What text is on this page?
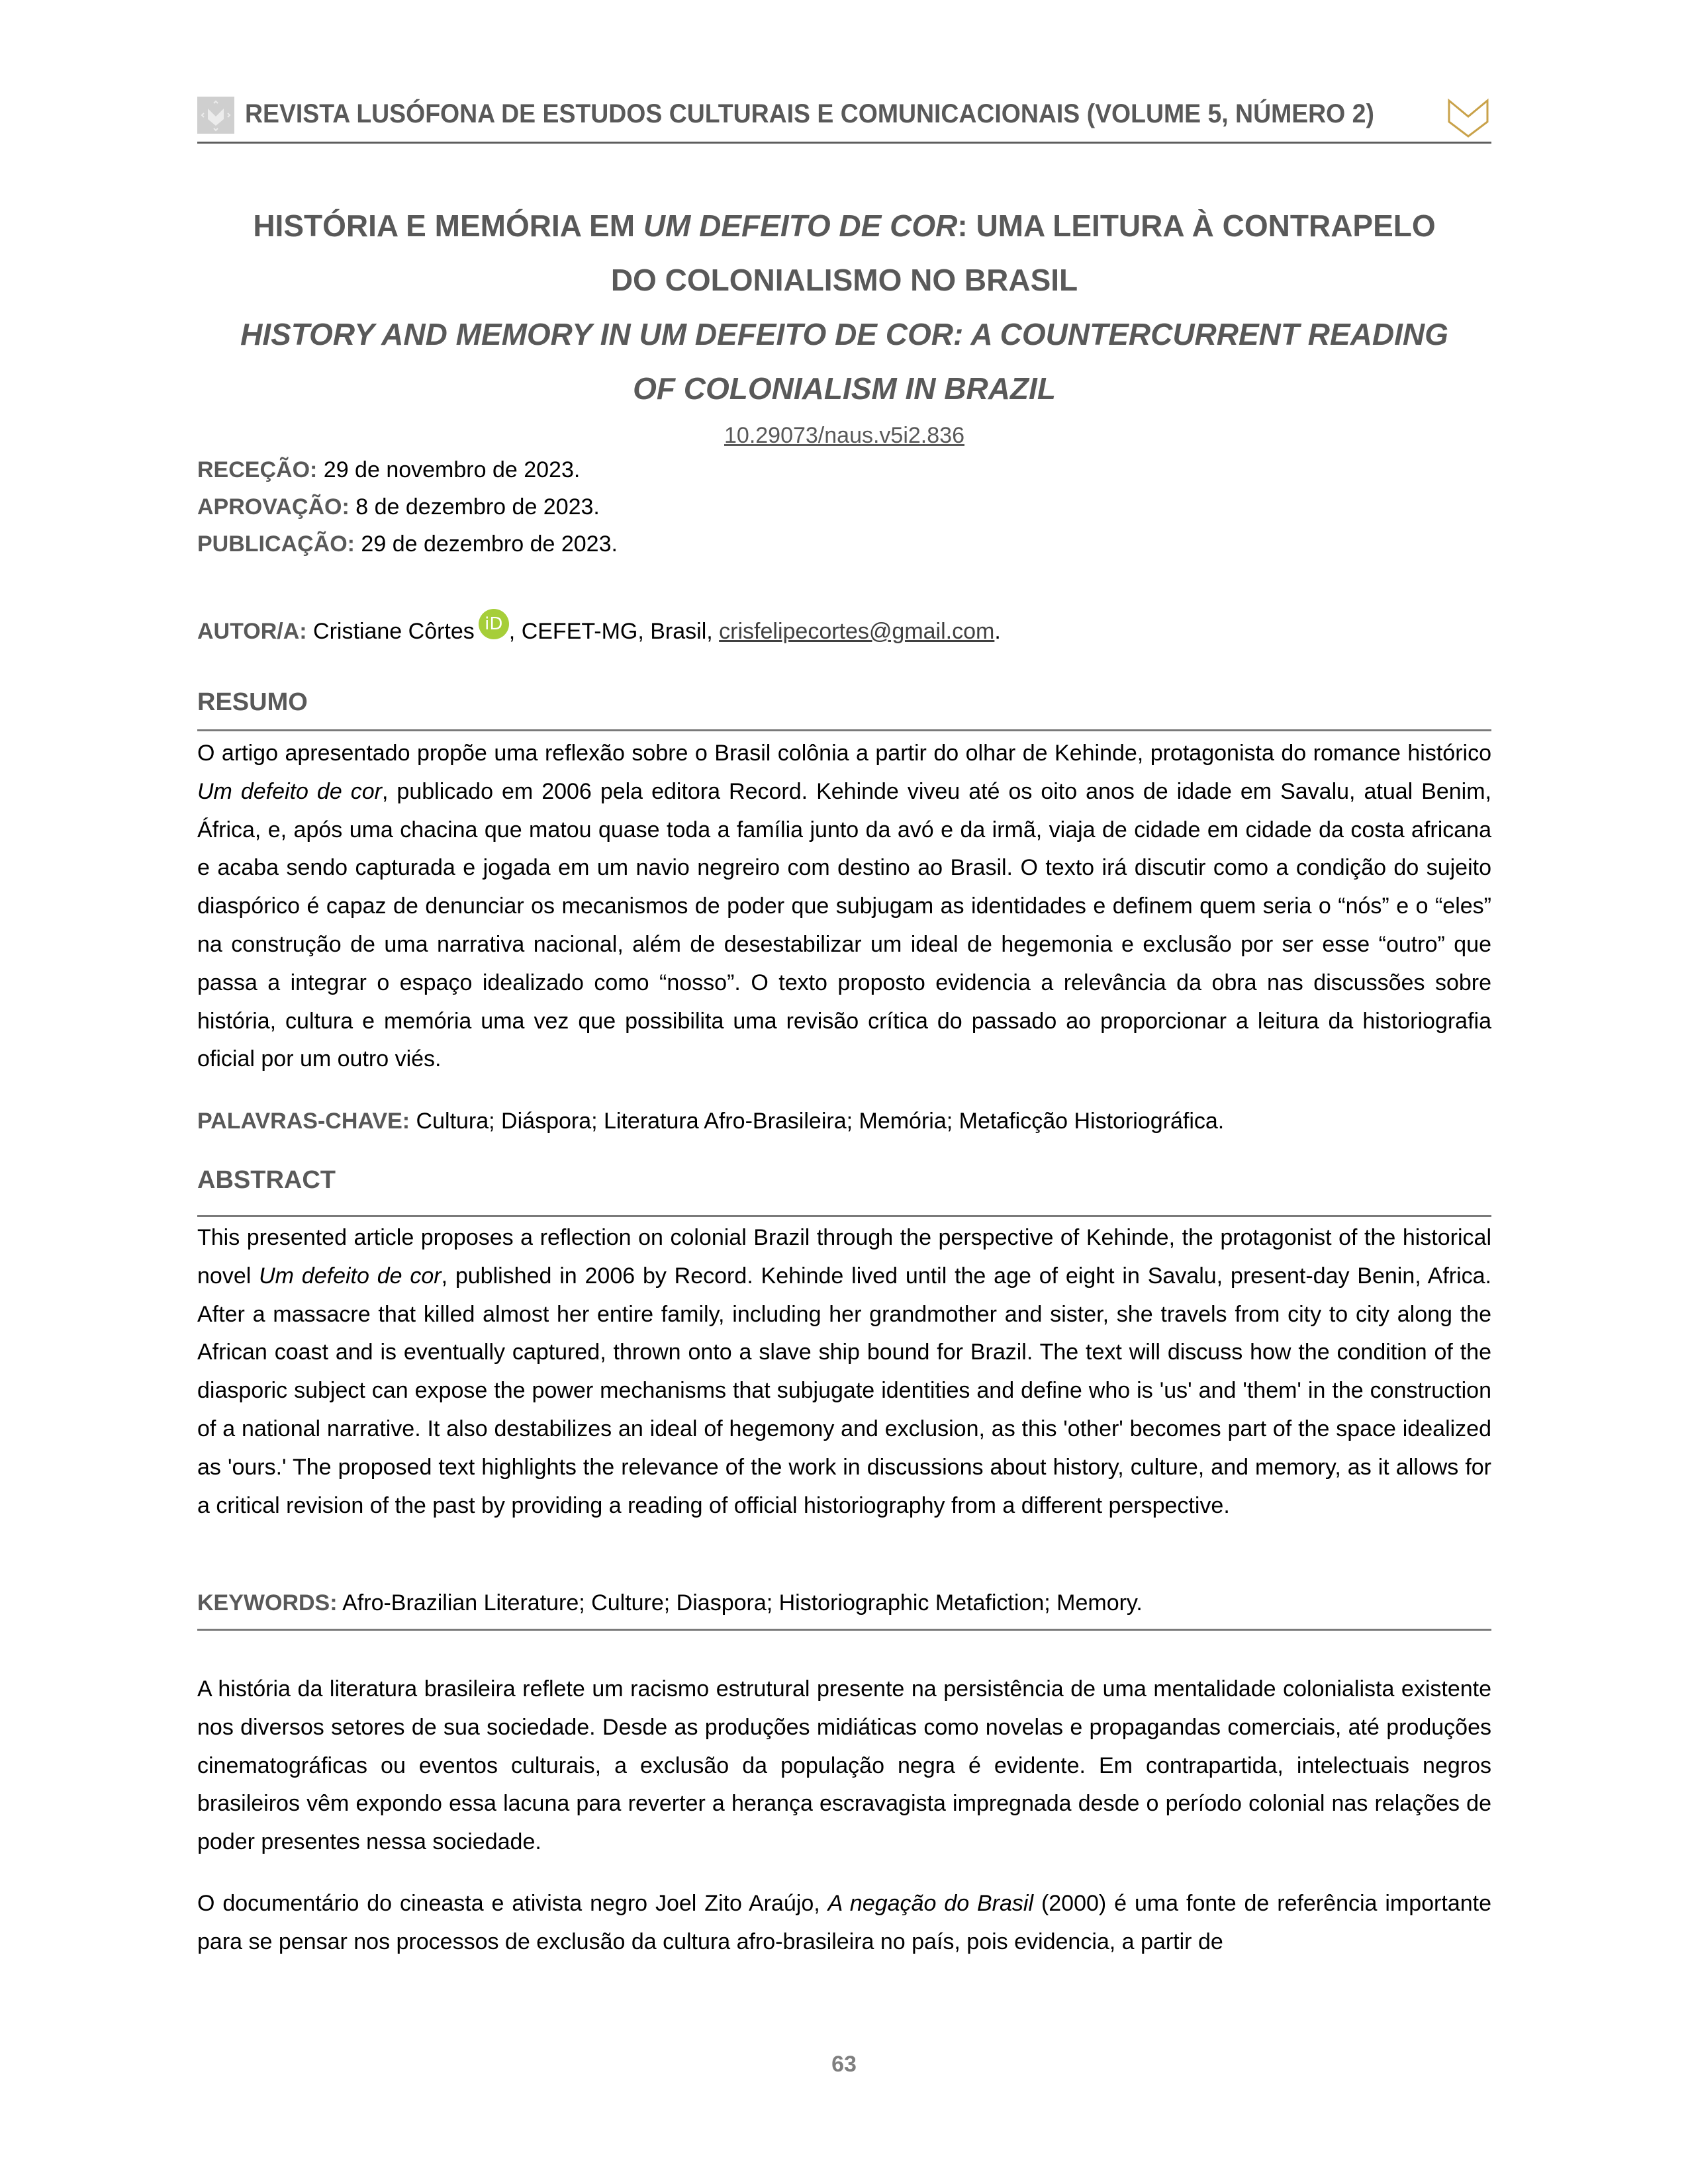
REVISTA LUSÓFONA DE ESTUDOS CULTURAIS E COMUNICACIONAIS (VOLUME 5, NÚMERO 2)
HISTÓRIA E MEMÓRIA EM UM DEFEITO DE COR: UMA LEITURA À CONTRAPELO
DO COLONIALISMO NO BRASIL
HISTORY AND MEMORY IN UM DEFEITO DE COR: A COUNTERCURRENT READING
OF COLONIALISM IN BRAZIL
10.29073/naus.v5i2.836
RECEÇÃO: 29 de novembro de 2023.
APROVAÇÃO: 8 de dezembro de 2023.
PUBLICAÇÃO: 29 de dezembro de 2023.
AUTOR/A: Cristiane Côrtes iD , CEFET-MG, Brasil, crisfelipecortes@gmail.com.
RESUMO
O artigo apresentado propõe uma reflexão sobre o Brasil colônia a partir do olhar de Kehinde, protagonista do romance histórico Um defeito de cor, publicado em 2006 pela editora Record. Kehinde viveu até os oito anos de idade em Savalu, atual Benim, África, e, após uma chacina que matou quase toda a família junto da avó e da irmã, viaja de cidade em cidade da costa africana e acaba sendo capturada e jogada em um navio negreiro com destino ao Brasil. O texto irá discutir como a condição do sujeito diaspórico é capaz de denunciar os mecanismos de poder que subjugam as identidades e definem quem seria o “nós” e o “eles” na construção de uma narrativa nacional, além de desestabilizar um ideal de hegemonia e exclusão por ser esse “outro” que passa a integrar o espaço idealizado como “nosso”. O texto proposto evidencia a relevância da obra nas discussões sobre história, cultura e memória uma vez que possibilita uma revisão crítica do passado ao proporcionar a leitura da historiografia oficial por um outro viés.
PALAVRAS-CHAVE: Cultura; Diáspora; Literatura Afro-Brasileira; Memória; Metaficção Historiográfica.
ABSTRACT
This presented article proposes a reflection on colonial Brazil through the perspective of Kehinde, the protagonist of the historical novel Um defeito de cor, published in 2006 by Record. Kehinde lived until the age of eight in Savalu, present-day Benin, Africa. After a massacre that killed almost her entire family, including her grandmother and sister, she travels from city to city along the African coast and is eventually captured, thrown onto a slave ship bound for Brazil. The text will discuss how the condition of the diasporic subject can expose the power mechanisms that subjugate identities and define who is 'us' and 'them' in the construction of a national narrative. It also destabilizes an ideal of hegemony and exclusion, as this 'other' becomes part of the space idealized as 'ours.' The proposed text highlights the relevance of the work in discussions about history, culture, and memory, as it allows for a critical revision of the past by providing a reading of official historiography from a different perspective.
KEYWORDS: Afro-Brazilian Literature; Culture; Diaspora; Historiographic Metafiction; Memory.
A história da literatura brasileira reflete um racismo estrutural presente na persistência de uma mentalidade colonialista existente nos diversos setores de sua sociedade. Desde as produções midiáticas como novelas e propagandas comerciais, até produções cinematográficas ou eventos culturais, a exclusão da população negra é evidente. Em contrapartida, intelectuais negros brasileiros vêm expondo essa lacuna para reverter a herança escravagista impregnada desde o período colonial nas relações de poder presentes nessa sociedade.
O documentário do cineasta e ativista negro Joel Zito Araújo, A negação do Brasil (2000) é uma fonte de referência importante para se pensar nos processos de exclusão da cultura afro-brasileira no país, pois evidencia, a partir de
63
